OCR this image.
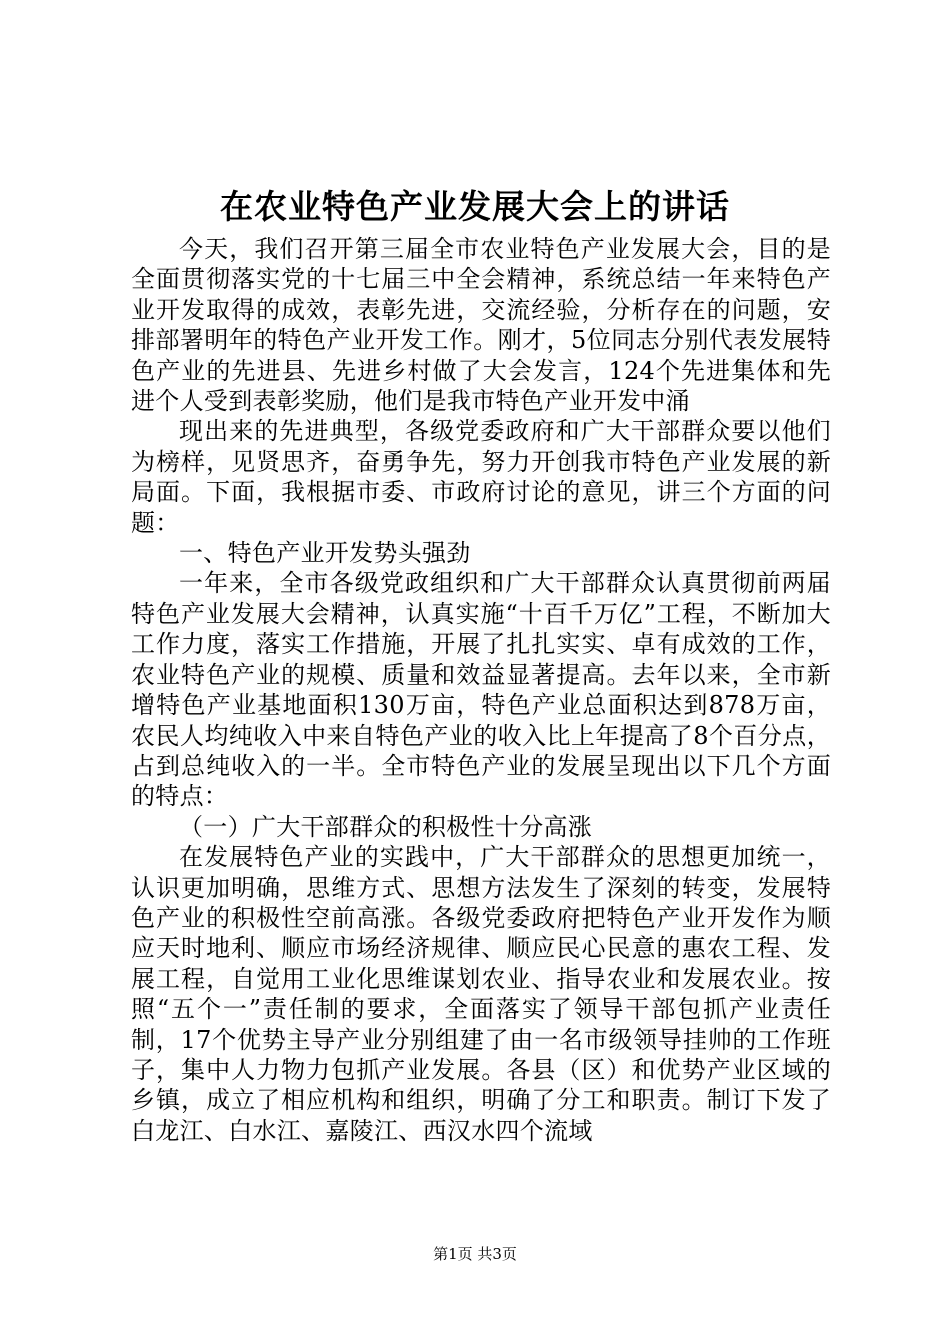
在农业特色产业发展大会上的讲话

今天，我们召开第三届全市农业特色产业发展大会，目的是全面贯彻落实党的十七届三中全会精神，系统总结一年来特色产业开发取得的成效，表彰先进，交流经验，分析存在的问题，安排部署明年的特色产业开发工作。刚才，5位同志分别代表发展特色产业的先进县、先进乡村做了大会发言，124个先进集体和先进个人受到表彰奖励，他们是我市特色产业开发中涌

现出来的先进典型，各级党委政府和广大干部群众要以他们为榜样，见贤思齐，奋勇争先，努力开创我市特色产业发展的新局面。下面，我根据市委、市政府讨论的意见，讲三个方面的问题：

一、特色产业开发势头强劲

一年来，全市各级党政组织和广大干部群众认真贯彻前两届特色产业发展大会精神，认真实施“十百千万亿”工程，不断加大工作力度，落实工作措施，开展了扎扎实实、卓有成效的工作，农业特色产业的规模、质量和效益显著提高。去年以来，全市新增特色产业基地面积130万亩，特色产业总面积达到878万亩，农民人均纯收入中来自特色产业的收入比上年提高了8个百分点，占到总纯收入的一半。全市特色产业的发展呈现出以下几个方面的特点：

（一）广大干部群众的积极性十分高涨

在发展特色产业的实践中，广大干部群众的思想更加统一，认识更加明确，思维方式、思想方法发生了深刻的转变，发展特色产业的积极性空前高涨。各级党委政府把特色产业开发作为顺应天时地利、顺应市场经济规律、顺应民心民意的惠农工程、发展工程，自觉用工业化思维谋划农业、指导农业和发展农业。按照“五个一”责任制的要求，全面落实了领导干部包抓产业责任制，17个优势主导产业分别组建了由一名市级领导挂帅的工作班子，集中人力物力包抓产业发展。各县（区）和优势产业区域的乡镇，成立了相应机构和组织，明确了分工和职责。制订下发了白龙江、白水江、嘉陵江、西汉水四个流域

第1页 共3页
